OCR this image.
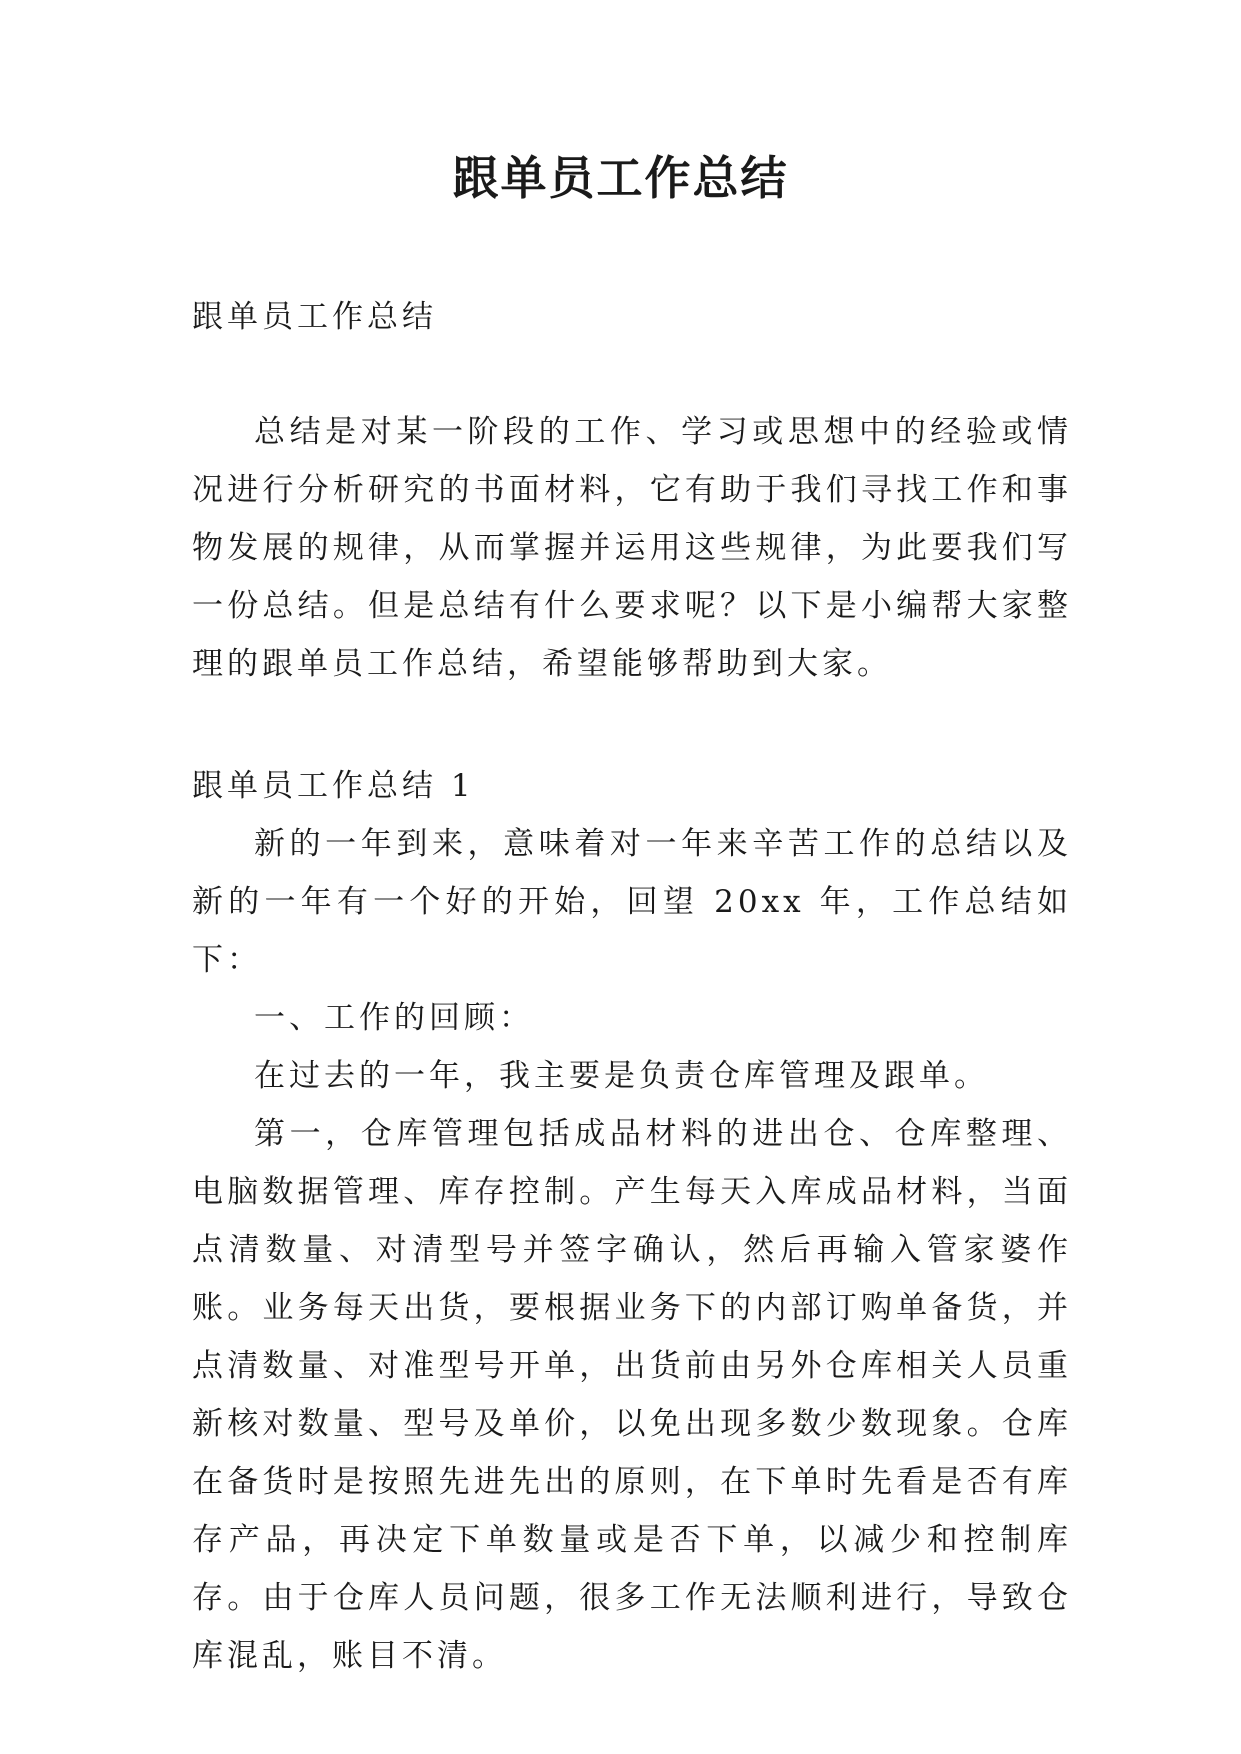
跟单员工作总结

跟单员工作总结

总结是对某一阶段的工作、学习或思想中的经验或情况进行分析研究的书面材料，它有助于我们寻找工作和事物发展的规律，从而掌握并运用这些规律，为此要我们写一份总结。但是总结有什么要求呢？以下是小编帮大家整理的跟单员工作总结，希望能够帮助到大家。

跟单员工作总结 1

新的一年到来，意味着对一年来辛苦工作的总结以及新的一年有一个好的开始，回望 20xx 年，工作总结如下：

一、工作的回顾：

在过去的一年，我主要是负责仓库管理及跟单。

第一，仓库管理包括成品材料的进出仓、仓库整理、电脑数据管理、库存控制。产生每天入库成品材料，当面点清数量、对清型号并签字确认，然后再输入管家婆作账。业务每天出货，要根据业务下的内部订购单备货，并点清数量、对准型号开单，出货前由另外仓库相关人员重新核对数量、型号及单价，以免出现多数少数现象。仓库在备货时是按照先进先出的原则，在下单时先看是否有库存产品，再决定下单数量或是否下单，以减少和控制库存。由于仓库人员问题，很多工作无法顺利进行，导致仓库混乱，账目不清。
